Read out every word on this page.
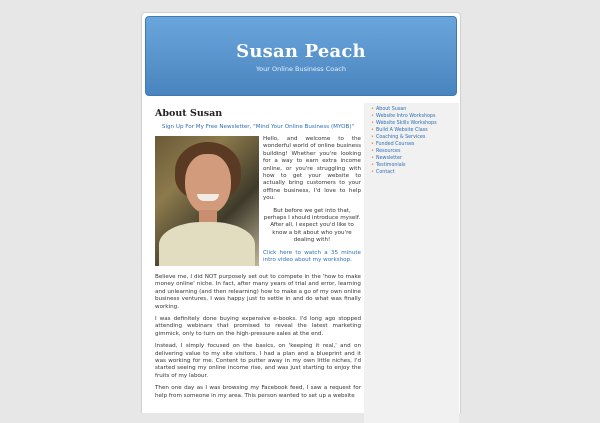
Susan Peach
Your Online Business Coach
About Susan
Sign Up For My Free Newsletter, "Mind Your Online Business (MYOB)"

Hello, and welcome to the wonderful world of online business building! Whether you're looking for a way to earn extra income online, or you're struggling with how to get your website to actually bring customers to your offline business, I'd love to help you.

But before we get into that, perhaps I should introduce myself. After all, I expect you'd like to know a bit about who you're dealing with!

Click here to watch a 35 minute intro video about my workshop.

Believe me, I did NOT purposely set out to compete in the 'how to make money online' niche. In fact, after many years of trial and error, learning and unlearning (and then relearning) how to make a go of my own online business ventures, I was happy just to settle in and do what was finally working.

I was definitely done buying expensive e-books. I'd long ago stopped attending webinars that promised to reveal the latest marketing gimmick, only to turn on the high-pressure sales at the end.

Instead, I simply focused on the basics, on 'keeping it real,' and on delivering value to my site visitors. I had a plan and a blueprint and it was working for me. Content to putter away in my own little niches, I'd started seeing my online income rise, and was just starting to enjoy the fruits of my labour.

Then one day as I was browsing my Facebook feed, I saw a request for help from someone in my area. This person wanted to set up a website

• About Susan
• Website Intro Workshops
• Website Skills Workshops
• Build A Website Class
• Coaching & Services
• Funded Courses
• Resources
• Newsletter
• Testimonials
• Contact
